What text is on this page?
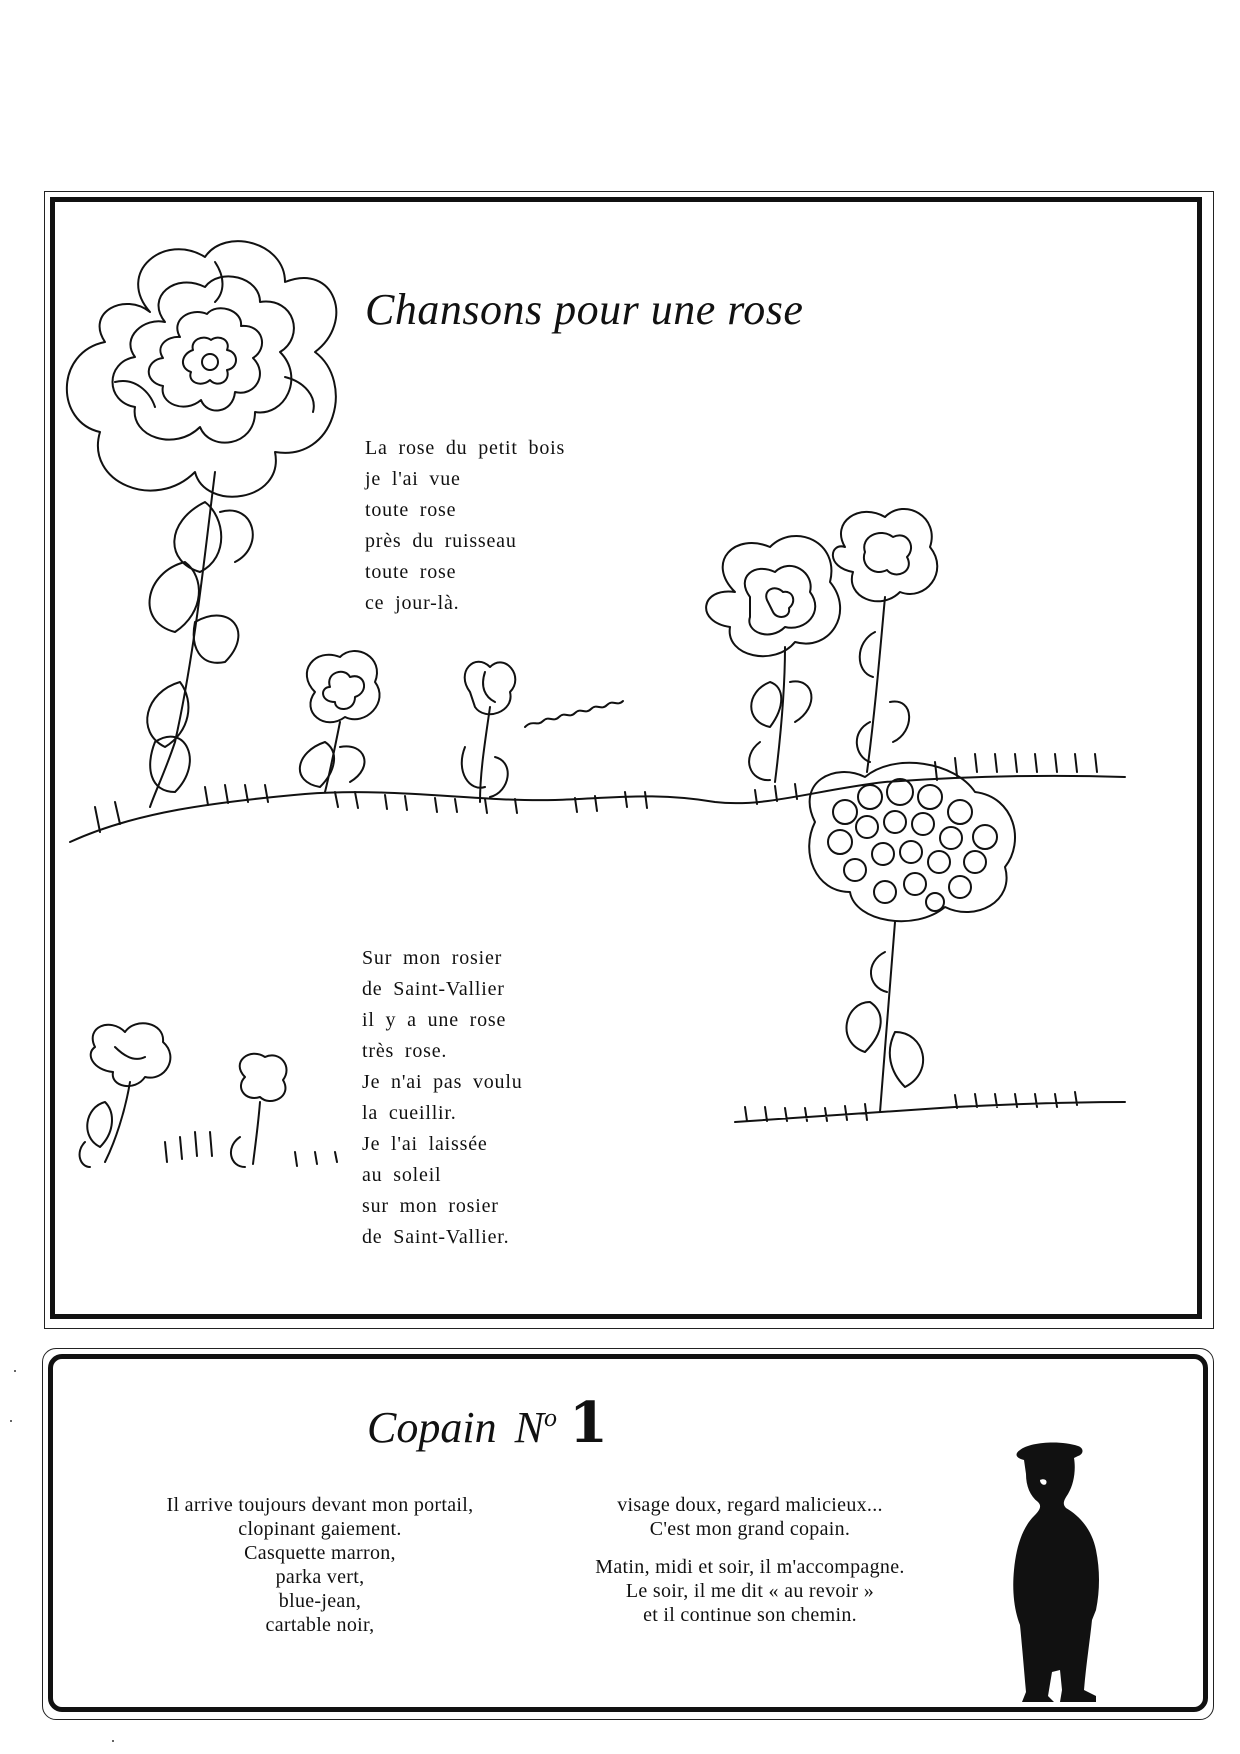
Chansons pour une rose
La rose du petit bois
je l'ai vue
toute rose
près du ruisseau
toute rose
ce jour-là.
Sur mon rosier
de Saint-Vallier
il y a une rose
très rose.
Je n'ai pas voulu
la cueillir.
Je l'ai laissée
au soleil
sur mon rosier
de Saint-Vallier.
Copain $N^o$ 1
Il arrive toujours devant mon portail,
clopinant gaiement.
Casquette marron,
parka vert,
blue-jean,
cartable noir,
visage doux, regard malicieux...
C'est mon grand copain.
Matin, midi et soir, il m'accompagne.
Le soir, il me dit « au revoir »
et il continue son chemin.
